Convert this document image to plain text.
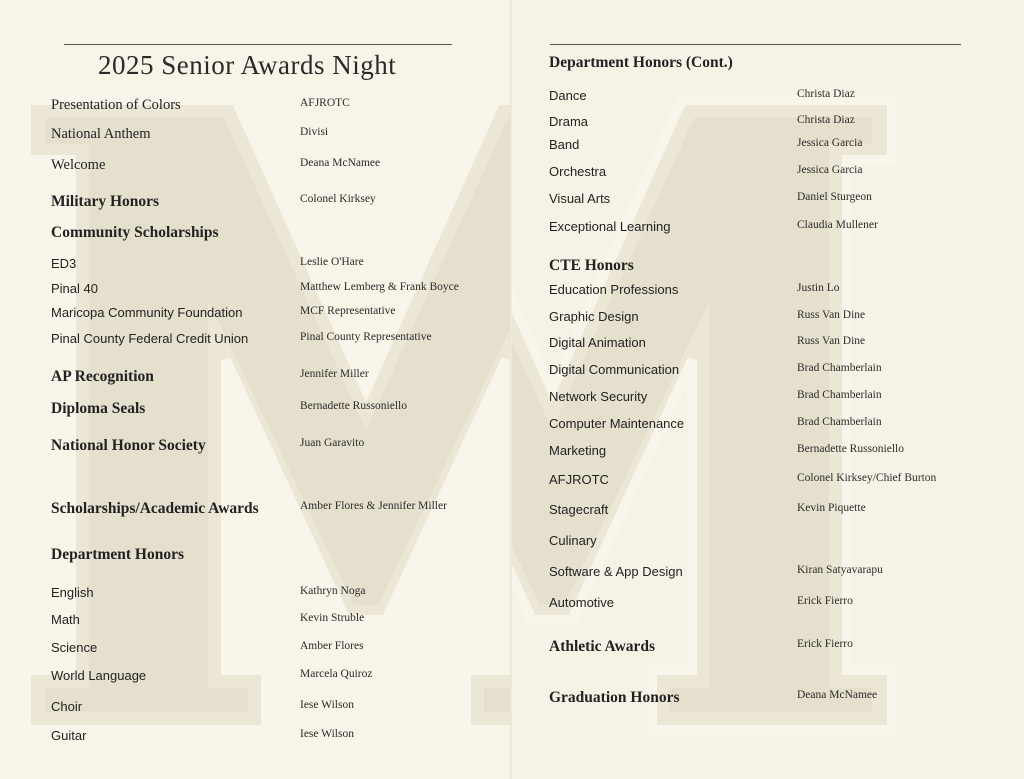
2025 Senior Awards Night
Presentation of Colors	AFJROTC
National Anthem	Divisi
Welcome	Deana McNamee
Military Honors	Colonel Kirksey
Community Scholarships
ED3	Leslie O'Hare
Pinal 40	Matthew Lemberg & Frank Boyce
Maricopa Community Foundation	MCF Representative
Pinal County Federal Credit Union	Pinal County Representative
AP Recognition	Jennifer Miller
Diploma Seals	Bernadette Russoniello
National Honor Society	Juan Garavito
Scholarships/Academic Awards	Amber Flores & Jennifer Miller
Department Honors
English	Kathryn Noga
Math	Kevin Struble
Science	Amber Flores
World Language	Marcela Quiroz
Choir	Iese Wilson
Guitar	Iese Wilson
Department Honors (Cont.)
Dance	Christa Diaz
Drama	Christa Diaz
Band	Jessica Garcia
Orchestra	Jessica Garcia
Visual Arts	Daniel Sturgeon
Exceptional Learning	Claudia Mullener
CTE Honors
Education Professions	Justin Lo
Graphic Design	Russ Van Dine
Digital Animation	Russ Van Dine
Digital Communication	Brad Chamberlain
Network Security	Brad Chamberlain
Computer Maintenance	Brad Chamberlain
Marketing	Bernadette Russoniello
AFJROTC	Colonel Kirksey/Chief Burton
Stagecraft	Kevin Piquette
Culinary
Software & App Design	Kiran Satyavarapu
Automotive	Erick Fierro
Athletic Awards	Erick Fierro
Graduation Honors	Deana McNamee
